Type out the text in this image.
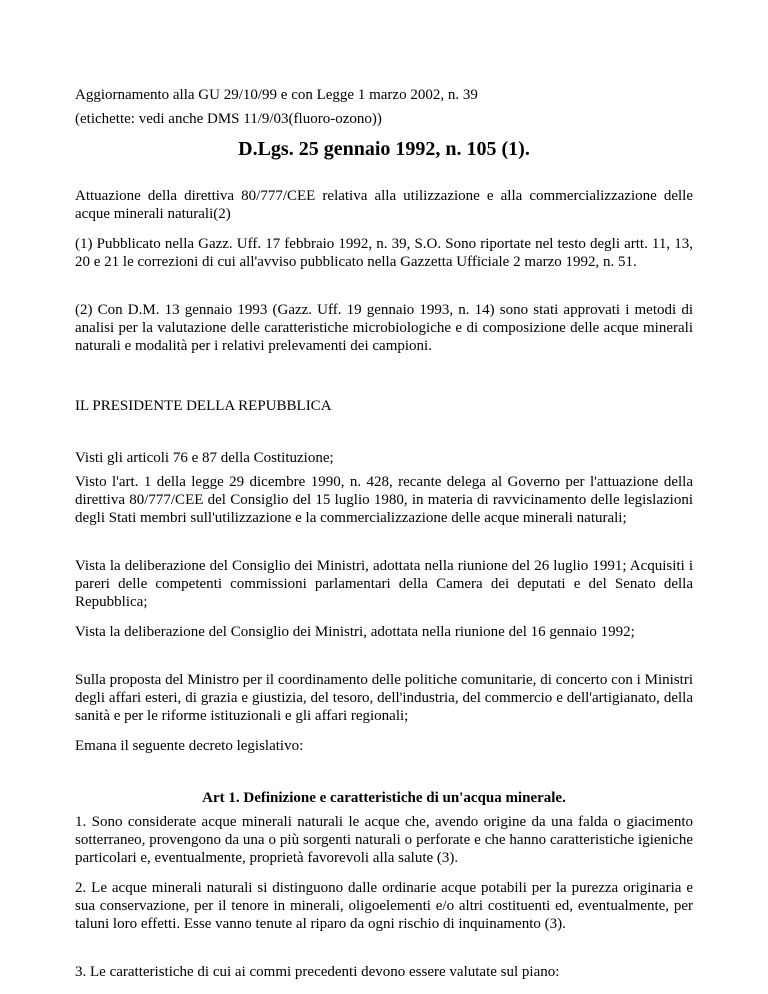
Aggiornamento alla GU 29/10/99 e con Legge 1 marzo 2002, n. 39

(etichette: vedi anche DMS 11/9/03(fluoro-ozono))

D.Lgs. 25 gennaio 1992, n. 105 (1).

Attuazione della direttiva 80/777/CEE relativa alla utilizzazione e alla commercializzazione delle acque minerali naturali(2)

(1) Pubblicato nella Gazz. Uff. 17 febbraio 1992, n. 39, S.O. Sono riportate nel testo degli artt. 11, 13, 20 e 21 le correzioni di cui all'avviso pubblicato nella Gazzetta Ufficiale 2 marzo 1992, n. 51.

(2) Con D.M. 13 gennaio 1993 (Gazz. Uff. 19 gennaio 1993, n. 14) sono stati approvati i metodi di analisi per la valutazione delle caratteristiche microbiologiche e di composizione delle acque minerali naturali e modalità per i relativi prelevamenti dei campioni.

IL PRESIDENTE DELLA REPUBBLICA

Visti gli articoli 76 e 87 della Costituzione;

Visto l'art. 1 della legge 29 dicembre 1990, n. 428, recante delega al Governo per l'attuazione della direttiva 80/777/CEE del Consiglio del 15 luglio 1980, in materia di ravvicinamento delle legislazioni degli Stati membri sull'utilizzazione e la commercializzazione delle acque minerali naturali;

Vista la deliberazione del Consiglio dei Ministri, adottata nella riunione del 26 luglio 1991; Acquisiti i pareri delle competenti commissioni parlamentari della Camera dei deputati e del Senato della Repubblica;

Vista la deliberazione del Consiglio dei Ministri, adottata nella riunione del 16 gennaio 1992;

Sulla proposta del Ministro per il coordinamento delle politiche comunitarie, di concerto con i Ministri degli affari esteri, di grazia e giustizia, del tesoro, dell'industria, del commercio e dell'artigianato, della sanità e per le riforme istituzionali e gli affari regionali;

Emana il seguente decreto legislativo:

Art 1. Definizione e caratteristiche di un'acqua minerale.

1. Sono considerate acque minerali naturali le acque che, avendo origine da una falda o giacimento sotterraneo, provengono da una o più sorgenti naturali o perforate e che hanno caratteristiche igieniche particolari e, eventualmente, proprietà favorevoli alla salute (3).

2. Le acque minerali naturali si distinguono dalle ordinarie acque potabili per la purezza originaria e sua conservazione, per il tenore in minerali, oligoelementi e/o altri costituenti ed, eventualmente, per taluni loro effetti. Esse vanno tenute al riparo da ogni rischio di inquinamento (3).

3. Le caratteristiche di cui ai commi precedenti devono essere valutate sul piano:
